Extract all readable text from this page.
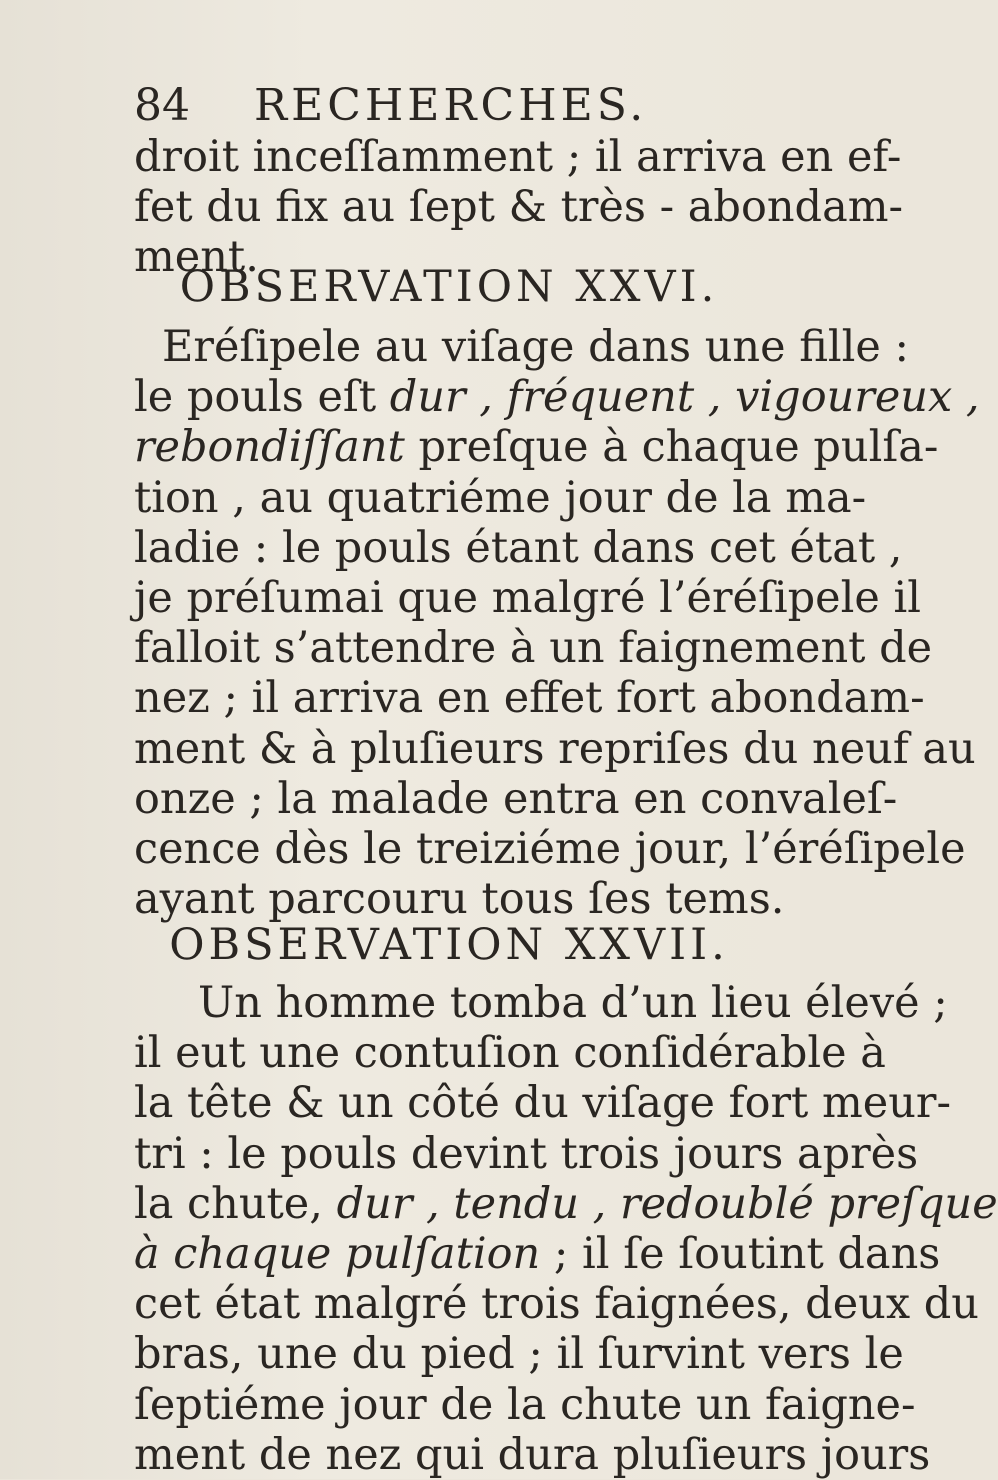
84 RECHERCHES.
droit inceſſamment ; il arriva en ef-
fet du fix au ſept & très - abondam-
ment.
OBSERVATION XXVI.
Eréſipele au viſage dans une fille :
le pouls eſt dur , fréquent , vigoureux ,
rebondiſſant preſque à chaque pulſa-
tion , au quatriéme jour de la ma-
ladie : le pouls étant dans cet état ,
je préſumai que malgré l’éréſipele il
falloit s’attendre à un faignement de
nez ; il arriva en effet fort abondam-
ment & à pluſieurs repriſes du neuf au
onze ; la malade entra en convaleſ-
cence dès le treiziéme jour, l’éréſipele
ayant parcouru tous ſes tems.
OBSERVATION XXVII.
Un homme tomba d’un lieu élevé ;
il eut une contuſion conſidérable à
la tête & un côté du viſage fort meur-
tri : le pouls devint trois jours après
la chute, dur , tendu , redoublé preſque
à chaque pulſation ; il ſe ſoutint dans
cet état malgré trois faignées, deux du
bras, une du pied ; il ſurvint vers le
ſeptiéme jour de la chute un faigne-
ment de nez qui dura pluſieurs jours
